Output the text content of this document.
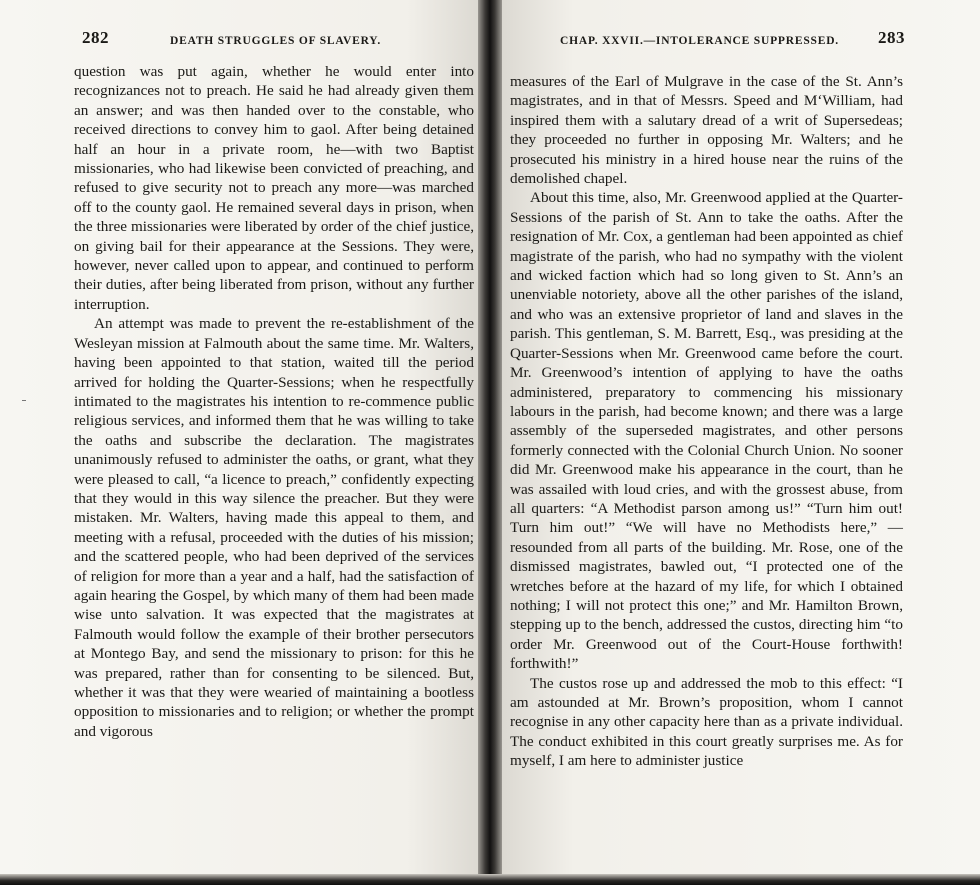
282	DEATH STRUGGLES OF SLAVERY.

question was put again, whether he would enter into recognizances not to preach. He said he had already given them an answer; and was then handed over to the constable, who received directions to convey him to gaol. After being detained half an hour in a private room, he—with two Baptist missionaries, who had likewise been convicted of preaching, and refused to give security not to preach any more—was marched off to the county gaol. He remained several days in prison, when the three missionaries were liberated by order of the chief justice, on giving bail for their appearance at the Sessions. They were, however, never called upon to appear, and continued to perform their duties, after being liberated from prison, without any further interruption.

An attempt was made to prevent the re-establishment of the Wesleyan mission at Falmouth about the same time. Mr. Walters, having been appointed to that station, waited till the period arrived for holding the Quarter-Sessions; when he respectfully intimated to the magistrates his intention to re-commence public religious services, and informed them that he was willing to take the oaths and subscribe the declaration. The magistrates unanimously refused to administer the oaths, or grant, what they were pleased to call, “a licence to preach,” confidently expecting that they would in this way silence the preacher. But they were mistaken. Mr. Walters, having made this appeal to them, and meeting with a refusal, proceeded with the duties of his mission; and the scattered people, who had been deprived of the services of religion for more than a year and a half, had the satisfaction of again hearing the Gospel, by which many of them had been made wise unto salvation. It was expected that the magistrates at Falmouth would follow the example of their brother persecutors at Montego Bay, and send the missionary to prison: for this he was prepared, rather than for consenting to be silenced. But, whether it was that they were wearied of maintaining a bootless opposition to missionaries and to religion; or whether the prompt and vigorous

CHAP. XXVII.—INTOLERANCE SUPPRESSED. 283

measures of the Earl of Mulgrave in the case of the St. Ann’s magistrates, and in that of Messrs. Speed and M‘William, had inspired them with a salutary dread of a writ of Supersedeas; they proceeded no further in opposing Mr. Walters; and he prosecuted his ministry in a hired house near the ruins of the demolished chapel.

About this time, also, Mr. Greenwood applied at the Quarter-Sessions of the parish of St. Ann to take the oaths. After the resignation of Mr. Cox, a gentleman had been appointed as chief magistrate of the parish, who had no sympathy with the violent and wicked faction which had so long given to St. Ann’s an unenviable notoriety, above all the other parishes of the island, and who was an extensive proprietor of land and slaves in the parish. This gentleman, S. M. Barrett, Esq., was presiding at the Quarter-Sessions when Mr. Greenwood came before the court. Mr. Greenwood’s intention of applying to have the oaths administered, preparatory to commencing his missionary labours in the parish, had become known; and there was a large assembly of the superseded magistrates, and other persons formerly connected with the Colonial Church Union. No sooner did Mr. Greenwood make his appearance in the court, than he was assailed with loud cries, and with the grossest abuse, from all quarters: “A Methodist parson among us!” “Turn him out! Turn him out!” “We will have no Methodists here,” —resounded from all parts of the building. Mr. Rose, one of the dismissed magistrates, bawled out, “I protected one of the wretches before at the hazard of my life, for which I obtained nothing; I will not protect this one;” and Mr. Hamilton Brown, stepping up to the bench, addressed the custos, directing him “to order Mr. Greenwood out of the Court-House forthwith! forthwith!”

The custos rose up and addressed the mob to this effect: “I am astounded at Mr. Brown’s proposition, whom I cannot recognise in any other capacity here than as a private individual. The conduct exhibited in this court greatly surprises me. As for myself, I am here to administer justice
